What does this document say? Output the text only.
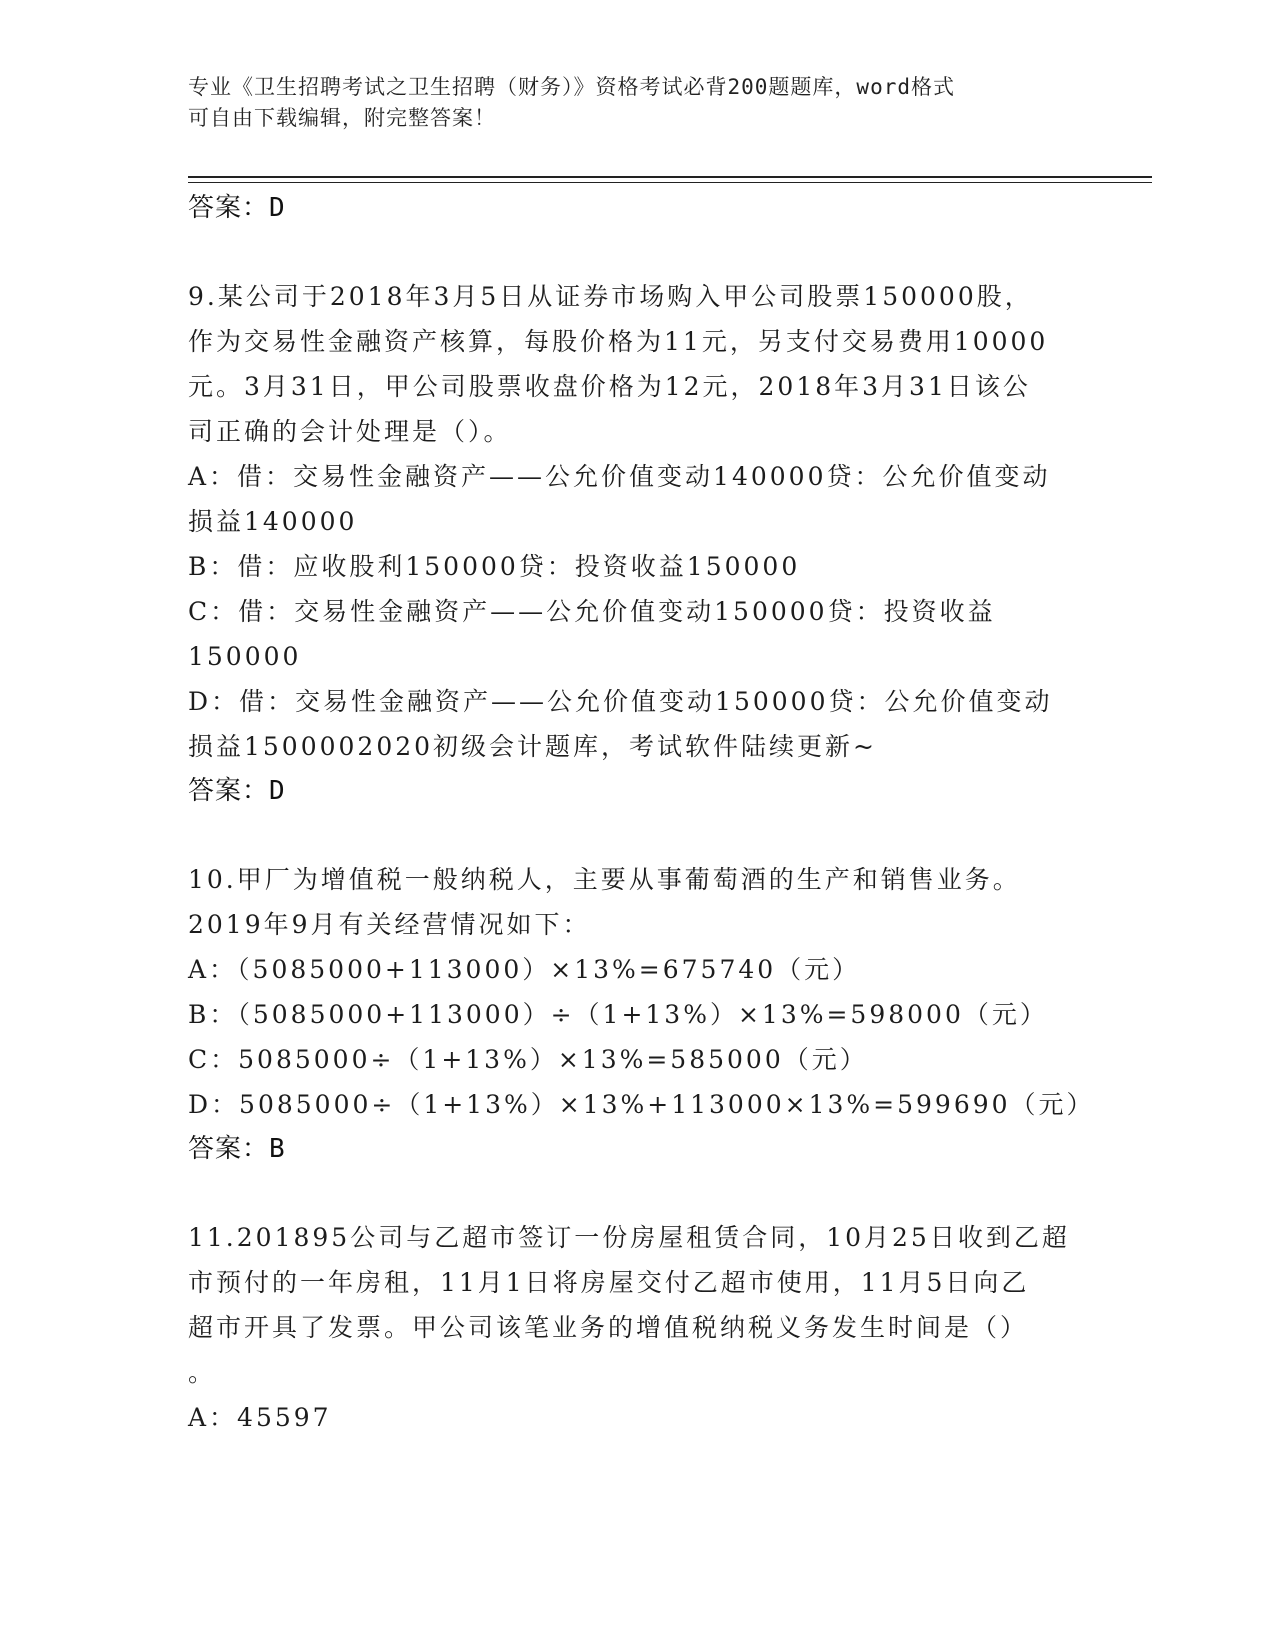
专业《卫生招聘考试之卫生招聘（财务）》资格考试必背200题题库，word格式
可自由下载编辑，附完整答案！
答案：D
9.某公司于2018年3月5日从证券市场购入甲公司股票150000股，
作为交易性金融资产核算，每股价格为11元，另支付交易费用10000
元。3月31日，甲公司股票收盘价格为12元，2018年3月31日该公
司正确的会计处理是（）。
A：借：交易性金融资产——公允价值变动140000贷：公允价值变动
损益140000
B：借：应收股利150000贷：投资收益150000
C：借：交易性金融资产——公允价值变动150000贷：投资收益
150000
D：借：交易性金融资产——公允价值变动150000贷：公允价值变动
损益1500002020初级会计题库，考试软件陆续更新~
答案：D
10.甲厂为增值税一般纳税人，主要从事葡萄酒的生产和销售业务。
2019年9月有关经营情况如下：
A：（5085000+113000）×13%=675740（元）
B：（5085000+113000）÷（1+13%）×13%=598000（元）
C：5085000÷（1+13%）×13%=585000（元）
D：5085000÷（1+13%）×13%+113000×13%=599690（元）
答案：B
11.201895公司与乙超市签订一份房屋租赁合同，10月25日收到乙超
市预付的一年房租，11月1日将房屋交付乙超市使用，11月5日向乙
超市开具了发票。甲公司该笔业务的增值税纳税义务发生时间是（）
。
A：45597
